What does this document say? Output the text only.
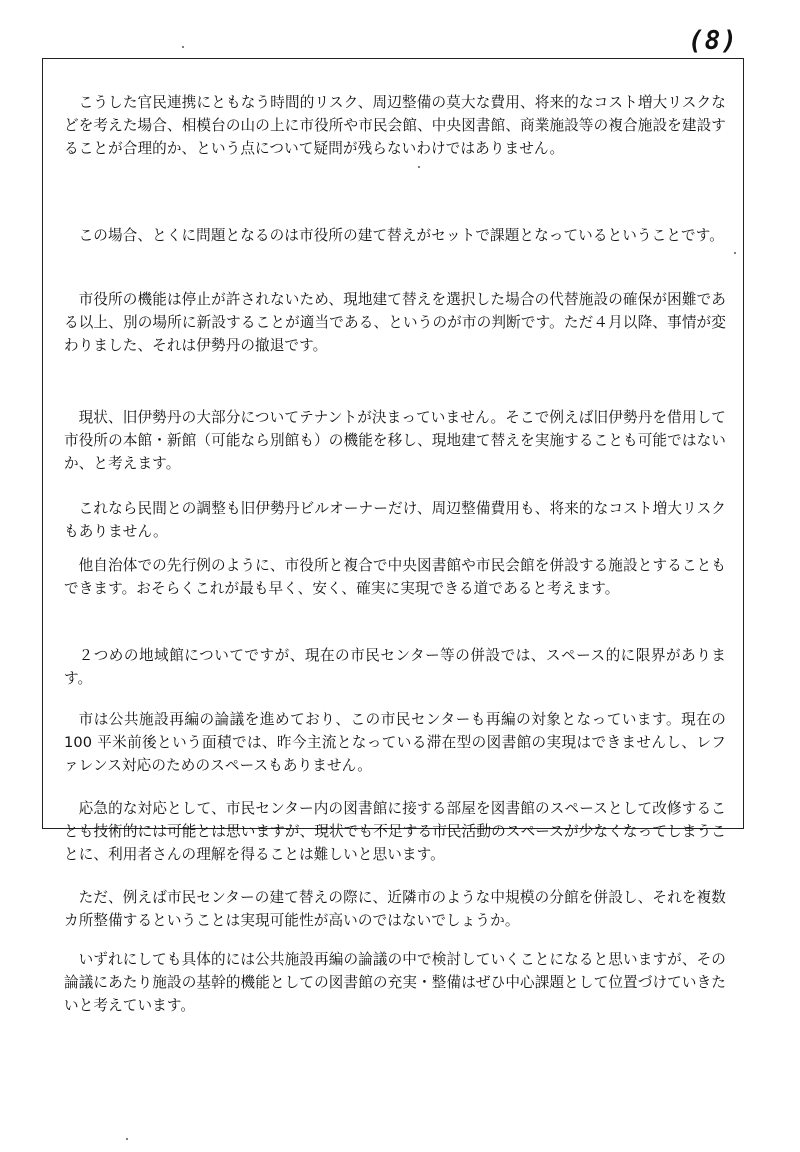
(8)

こうした官民連携にともなう時間的リスク、周辺整備の莫大な費用、将来的なコスト増大リスクなどを考えた場合、相模台の山の上に市役所や市民会館、中央図書館、商業施設等の複合施設を建設することが合理的か、という点について疑問が残らないわけではありません。

この場合、とくに問題となるのは市役所の建て替えがセットで課題となっているということです。

市役所の機能は停止が許されないため、現地建て替えを選択した場合の代替施設の確保が困難である以上、別の場所に新設することが適当である、というのが市の判断です。ただ４月以降、事情が変わりました、それは伊勢丹の撤退です。

現状、旧伊勢丹の大部分についてテナントが決まっていません。そこで例えば旧伊勢丹を借用して市役所の本館・新館（可能なら別館も）の機能を移し、現地建て替えを実施することも可能ではないか、と考えます。

これなら民間との調整も旧伊勢丹ビルオーナーだけ、周辺整備費用も、将来的なコスト増大リスクもありません。

他自治体での先行例のように、市役所と複合で中央図書館や市民会館を併設する施設とすることもできます。おそらくこれが最も早く、安く、確実に実現できる道であると考えます。

２つめの地域館についてですが、現在の市民センター等の併設では、スペース的に限界があります。

市は公共施設再編の論議を進めており、この市民センターも再編の対象となっています。現在の 100 平米前後という面積では、昨今主流となっている滞在型の図書館の実現はできませんし、レファレンス対応のためのスペースもありません。

応急的な対応として、市民センター内の図書館に接する部屋を図書館のスペースとして改修することも技術的には可能とは思いますが、現状でも不足する市民活動のスペースが少なくなってしまうことに、利用者さんの理解を得ることは難しいと思います。

ただ、例えば市民センターの建て替えの際に、近隣市のような中規模の分館を併設し、それを複数カ所整備するということは実現可能性が高いのではないでしょうか。

いずれにしても具体的には公共施設再編の論議の中で検討していくことになると思いますが、その論議にあたり施設の基幹的機能としての図書館の充実・整備はぜひ中心課題として位置づけていきたいと考えています。
